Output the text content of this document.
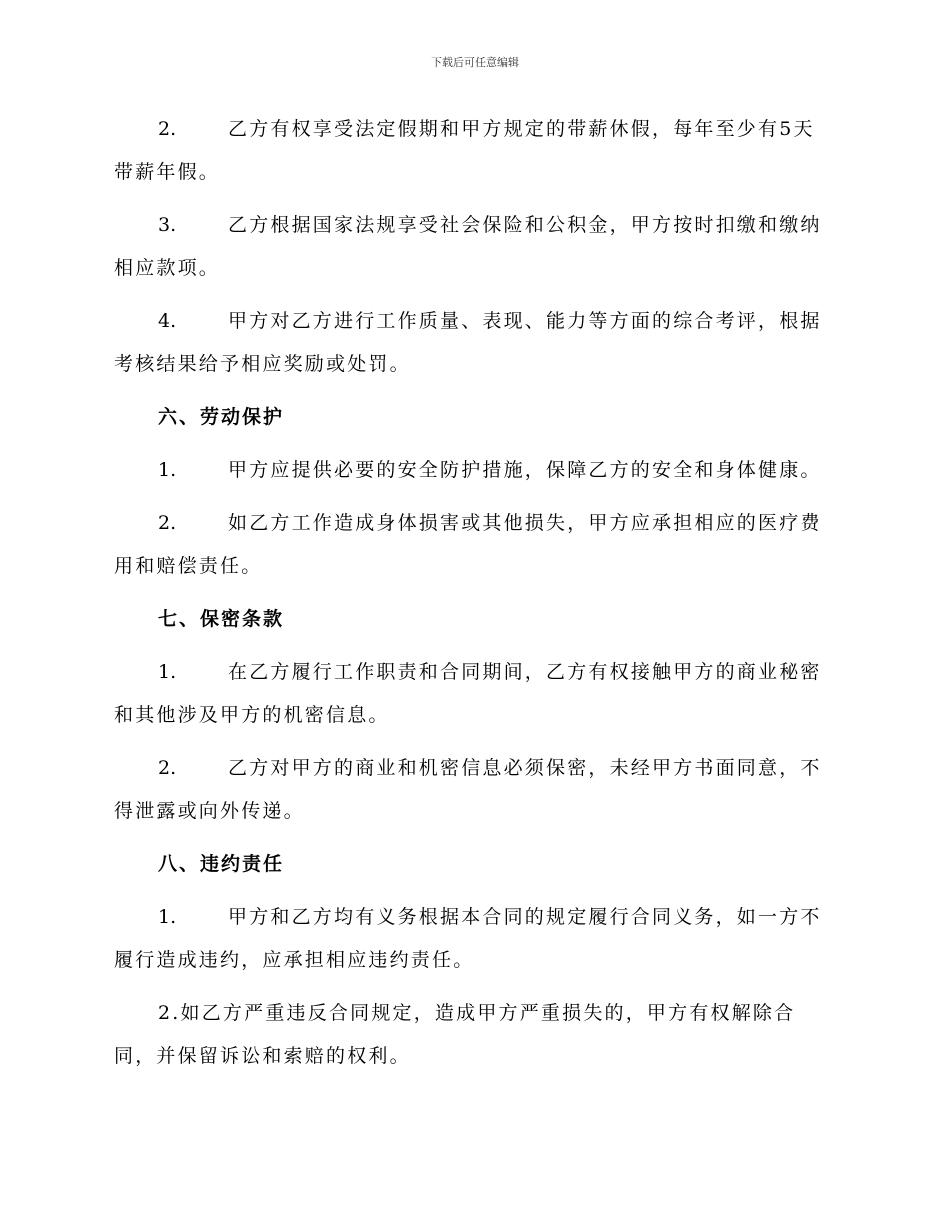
下载后可任意编辑

2.	乙方有权享受法定假期和甲方规定的带薪休假，每年至少有5天带薪年假。

3.	乙方根据国家法规享受社会保险和公积金，甲方按时扣缴和缴纳相应款项。

4.	甲方对乙方进行工作质量、表现、能力等方面的综合考评，根据考核结果给予相应奖励或处罚。

六、劳动保护

1.	甲方应提供必要的安全防护措施，保障乙方的安全和身体健康。

2.	如乙方工作造成身体损害或其他损失，甲方应承担相应的医疗费用和赔偿责任。

七、保密条款

1.	在乙方履行工作职责和合同期间，乙方有权接触甲方的商业秘密和其他涉及甲方的机密信息。

2.	乙方对甲方的商业和机密信息必须保密，未经甲方书面同意，不得泄露或向外传递。

八、违约责任

1.	甲方和乙方均有义务根据本合同的规定履行合同义务，如一方不履行造成违约，应承担相应违约责任。

2.如乙方严重违反合同规定，造成甲方严重损失的，甲方有权解除合同，并保留诉讼和索赔的权利。
